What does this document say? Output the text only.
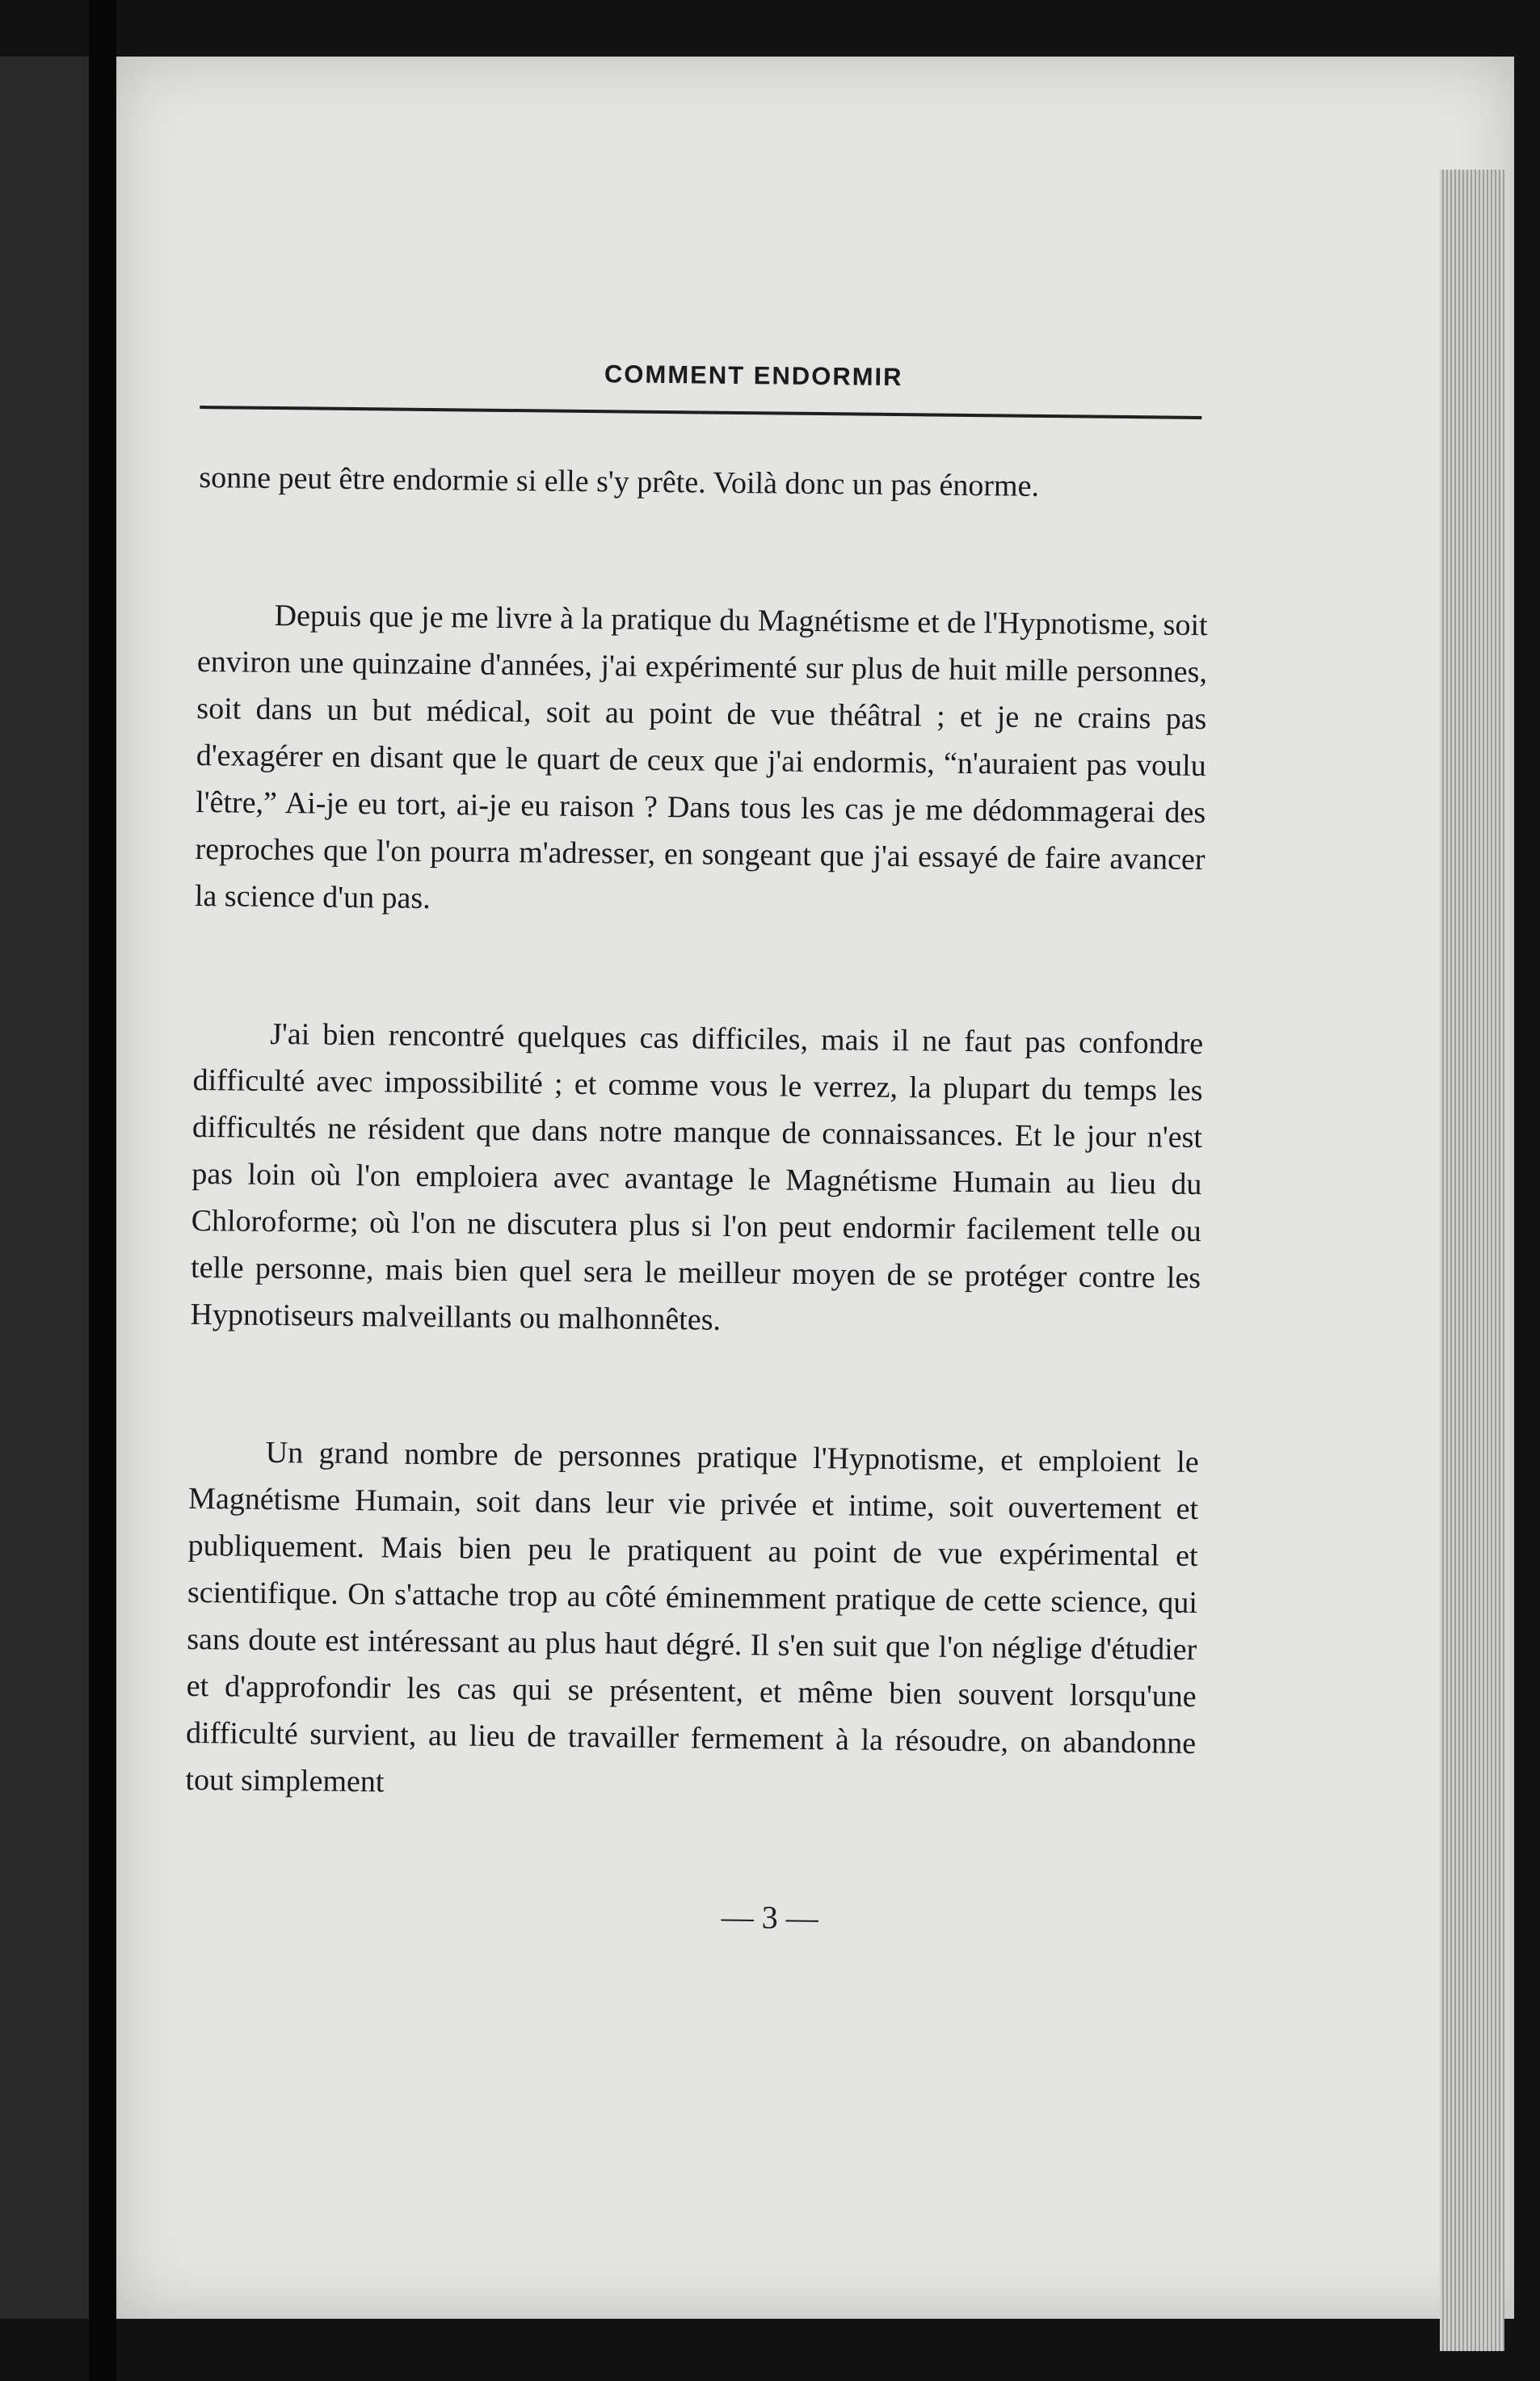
COMMENT ENDORMIR

sonne peut être endormie si elle s'y prête. Voilà donc un pas énorme.

Depuis que je me livre à la pratique du Magnétisme et de l'Hypnotisme, soit environ une quinzaine d'années, j'ai expérimenté sur plus de huit mille personnes, soit dans un but médical, soit au point de vue théâtral ; et je ne crains pas d'exagérer en disant que le quart de ceux que j'ai endormis, “n'auraient pas voulu l'être,” Ai-je eu tort, ai-je eu raison ? Dans tous les cas je me dédommagerai des reproches que l'on pourra m'adresser, en songeant que j'ai essayé de faire avancer la science d'un pas.

J'ai bien rencontré quelques cas difficiles, mais il ne faut pas confondre difficulté avec impossibilité ; et comme vous le verrez, la plupart du temps les difficultés ne résident que dans notre manque de connaissances. Et le jour n'est pas loin où l'on emploiera avec avantage le Magnétisme Humain au lieu du Chloroforme; où l'on ne discutera plus si l'on peut endormir facilement telle ou telle personne, mais bien quel sera le meilleur moyen de se protéger contre les Hypnotiseurs malveillants ou malhonnêtes.

Un grand nombre de personnes pratique l'Hypnotisme, et emploient le Magnétisme Humain, soit dans leur vie privée et intime, soit ouvertement et publiquement. Mais bien peu le pratiquent au point de vue expérimental et scientifique. On s'attache trop au côté éminemment pratique de cette science, qui sans doute est intéressant au plus haut dégré. Il s'en suit que l'on néglige d'étudier et d'approfondir les cas qui se présentent, et même bien souvent lorsqu'une difficulté survient, au lieu de travailler fermement à la résoudre, on abandonne tout simplement

— 3 —
